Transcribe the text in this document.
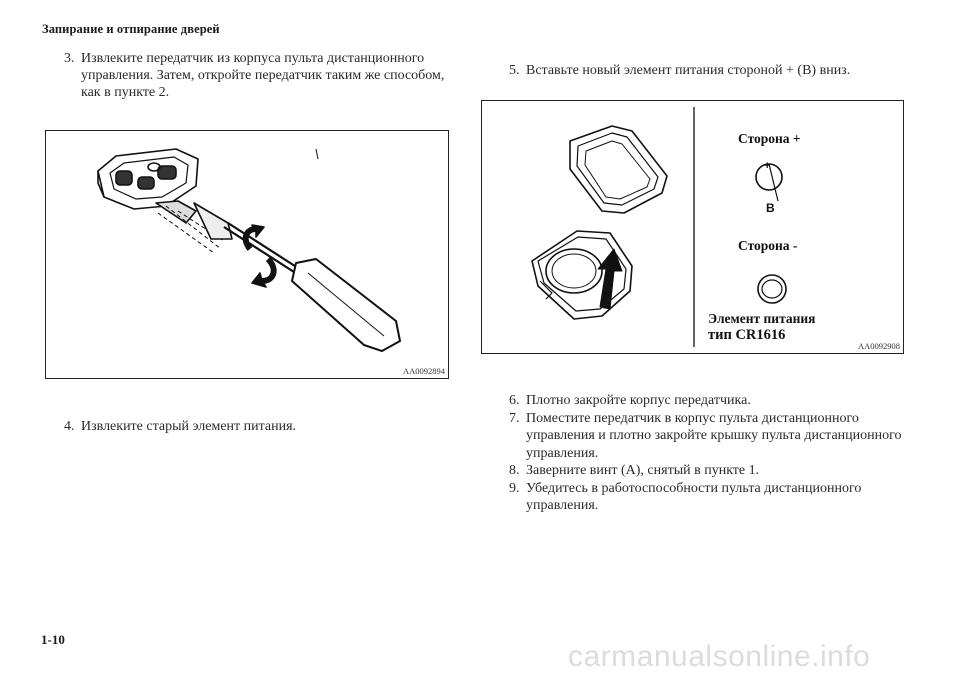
Запирание и отпирание дверей
3. Извлеките передатчик из корпуса пульта дистанционного
управления. Затем, откройте передатчик таким же способом,
как в пункте 2.
AA0092894
4. Извлеките старый элемент питания.
5. Вставьте новый элемент питания стороной + (В) вниз.
Сторона +
+
B
Сторона -
Элемент питания
тип CR1616
AA0092908
6. Плотно закройте корпус передатчика.
7. Поместите передатчик в корпус пульта дистанционного
управления и плотно закройте крышку пульта дистанционного
управления.
8. Заверните винт (А), снятый в пункте 1.
9. Убедитесь в работоспособности пульта дистанционного
управления.
1-10
carmanualsonline.info
